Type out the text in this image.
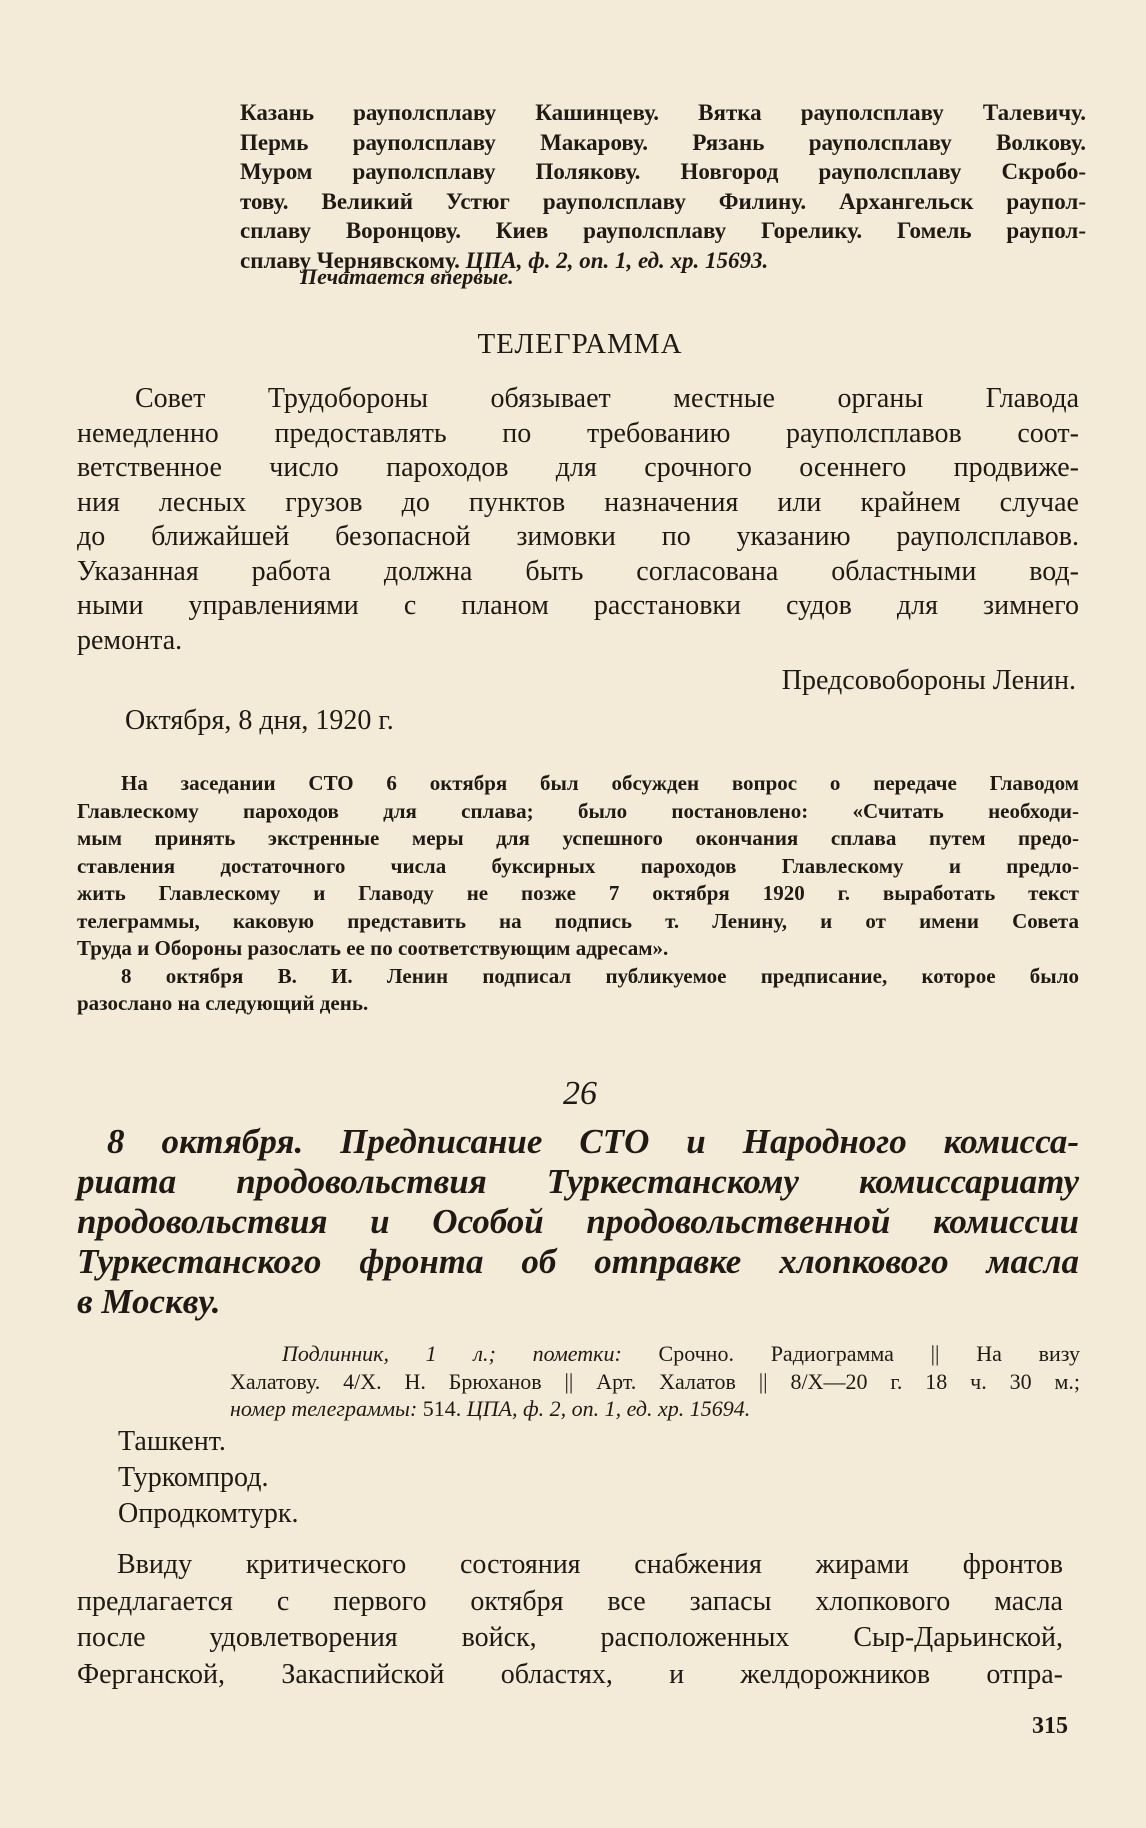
Казань рауполсплаву Кашинцеву. Вятка рауполсплаву Талевичу.
Пермь рауполсплаву Макарову. Рязань рауполсплаву Волкову.
Муром рауполсплаву Полякову. Новгород рауполсплаву Скробо-
тову. Великий Устюг рауполсплаву Филину. Архангельск раупол-
сплаву Воронцову. Киев рауполсплаву Горелику. Гомель раупол-
сплаву Чернявскому. ЦПА, ф. 2, оп. 1, ед. хр. 15693.
Печатается впервые.
ТЕЛЕГРАММА
Совет Трудобороны обязывает местные органы Главода
немедленно предоставлять по требованию рауполсплавов соот-
ветственное число пароходов для срочного осеннего продвиже-
ния лесных грузов до пунктов назначения или крайнем случае
до ближайшей безопасной зимовки по указанию рауполсплавов.
Указанная работа должна быть согласована областными вод-
ными управлениями с планом расстановки судов для зимнего
ремонта.
Предсовобороны Ленин.
Октября, 8 дня, 1920 г.
На заседании СТО 6 октября был обсужден вопрос о передаче Главодом
Главлескому пароходов для сплава; было постановлено: «Считать необходи-
мым принять экстренные меры для успешного окончания сплава путем предо-
ставления достаточного числа буксирных пароходов Главлескому и предло-
жить Главлескому и Главоду не позже 7 октября 1920 г. выработать текст
телеграммы, каковую представить на подпись т. Ленину, и от имени Совета
Труда и Обороны разослать ее по соответствующим адресам».
8 октября В. И. Ленин подписал публикуемое предписание, которое было
разослано на следующий день.
26
8 октября. Предписание СТО и Народного комисса-
риата продовольствия Туркестанскому комиссариату
продовольствия и Особой продовольственной комиссии
Туркестанского фронта об отправке хлопкового масла
в Москву.
Подлинник, 1 л.; пометки: Срочно. Радиограмма || На визу
Халатову. 4/Х. Н. Брюханов || Арт. Халатов || 8/Х—20 г. 18 ч. 30 м.;
номер телеграммы: 514. ЦПА, ф. 2, оп. 1, ед. хр. 15694.
Ташкент.
Туркомпрод.
Опродкомтурк.
Ввиду критического состояния снабжения жирами фронтов
предлагается с первого октября все запасы хлопкового масла
после удовлетворения войск, расположенных Сыр-Дарьинской,
Ферганской, Закаспийской областях, и желдорожников отпра-
315
